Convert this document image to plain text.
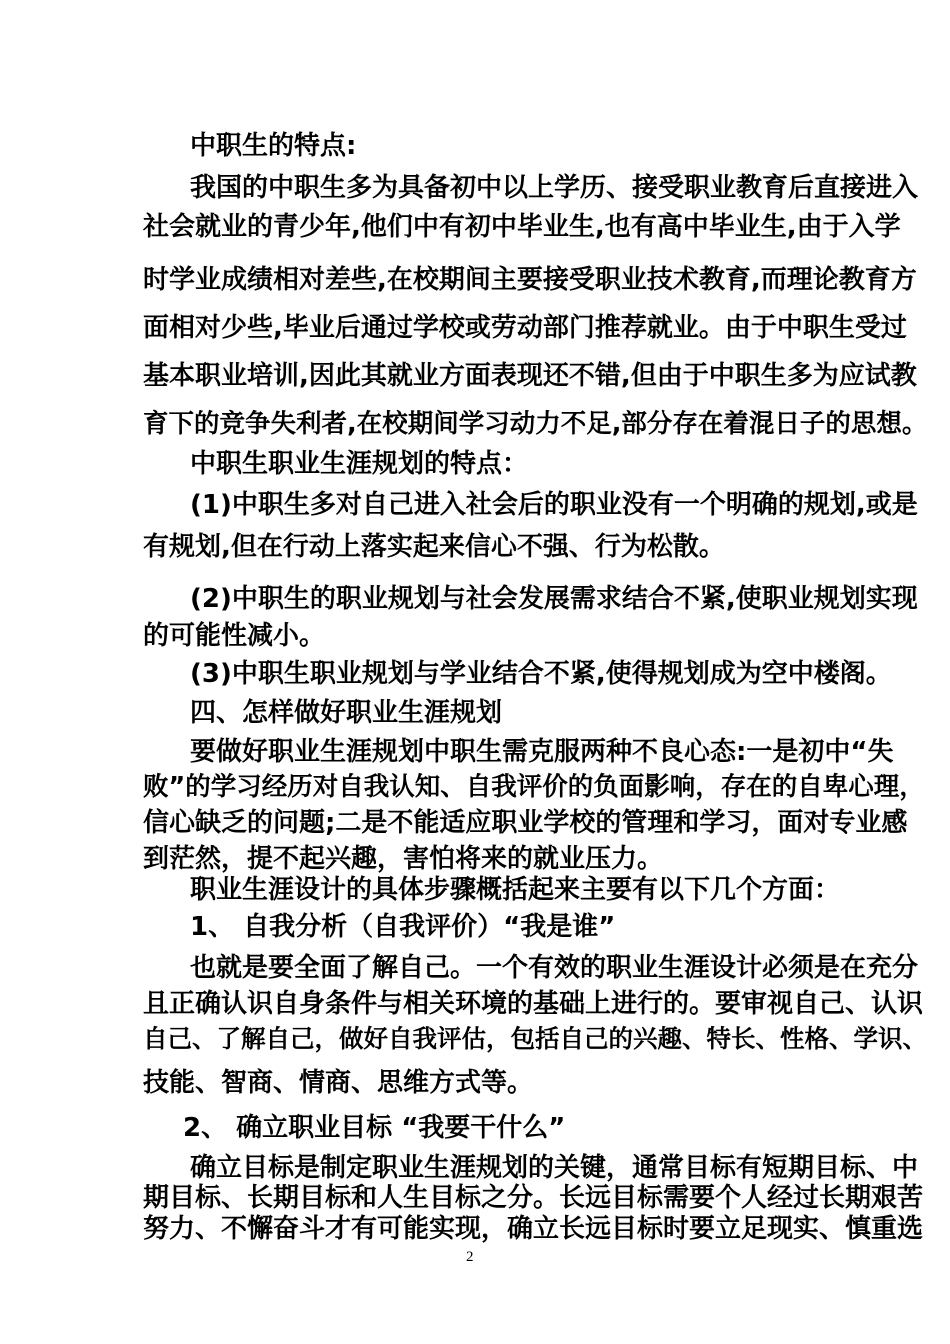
中职生的特点:
我国的中职生多为具备初中以上学历、接受职业教育后直接进入
社会就业的青少年,他们中有初中毕业生,也有高中毕业生,由于入学
时学业成绩相对差些,在校期间主要接受职业技术教育,而理论教育方
面相对少些,毕业后通过学校或劳动部门推荐就业。由于中职生受过
基本职业培训,因此其就业方面表现还不错,但由于中职生多为应试教
育下的竞争失利者,在校期间学习动力不足,部分存在着混日子的思想。
中职生职业生涯规划的特点：
(1)中职生多对自己进入社会后的职业没有一个明确的规划,或是
有规划,但在行动上落实起来信心不强、行为松散。
(2)中职生的职业规划与社会发展需求结合不紧,使职业规划实现
的可能性减小。
(3)中职生职业规划与学业结合不紧,使得规划成为空中楼阁。
四、怎样做好职业生涯规划
要做好职业生涯规划中职生需克服两种不良心态:一是初中“失
败”的学习经历对自我认知、自我评价的负面影响，存在的自卑心理，
信心缺乏的问题;二是不能适应职业学校的管理和学习，面对专业感
到茫然，提不起兴趣，害怕将来的就业压力。
职业生涯设计的具体步骤概括起来主要有以下几个方面：
1、 自我分析（自我评价）“我是谁”
也就是要全面了解自己。一个有效的职业生涯设计必须是在充分
且正确认识自身条件与相关环境的基础上进行的。要审视自己、认识
自己、了解自己，做好自我评估，包括自己的兴趣、特长、性格、学识、
技能、智商、情商、思维方式等。
2、 确立职业目标 “我要干什么”
确立目标是制定职业生涯规划的关键，通常目标有短期目标、中
期目标、长期目标和人生目标之分。长远目标需要个人经过长期艰苦
努力、不懈奋斗才有可能实现，确立长远目标时要立足现实、慎重选
2
